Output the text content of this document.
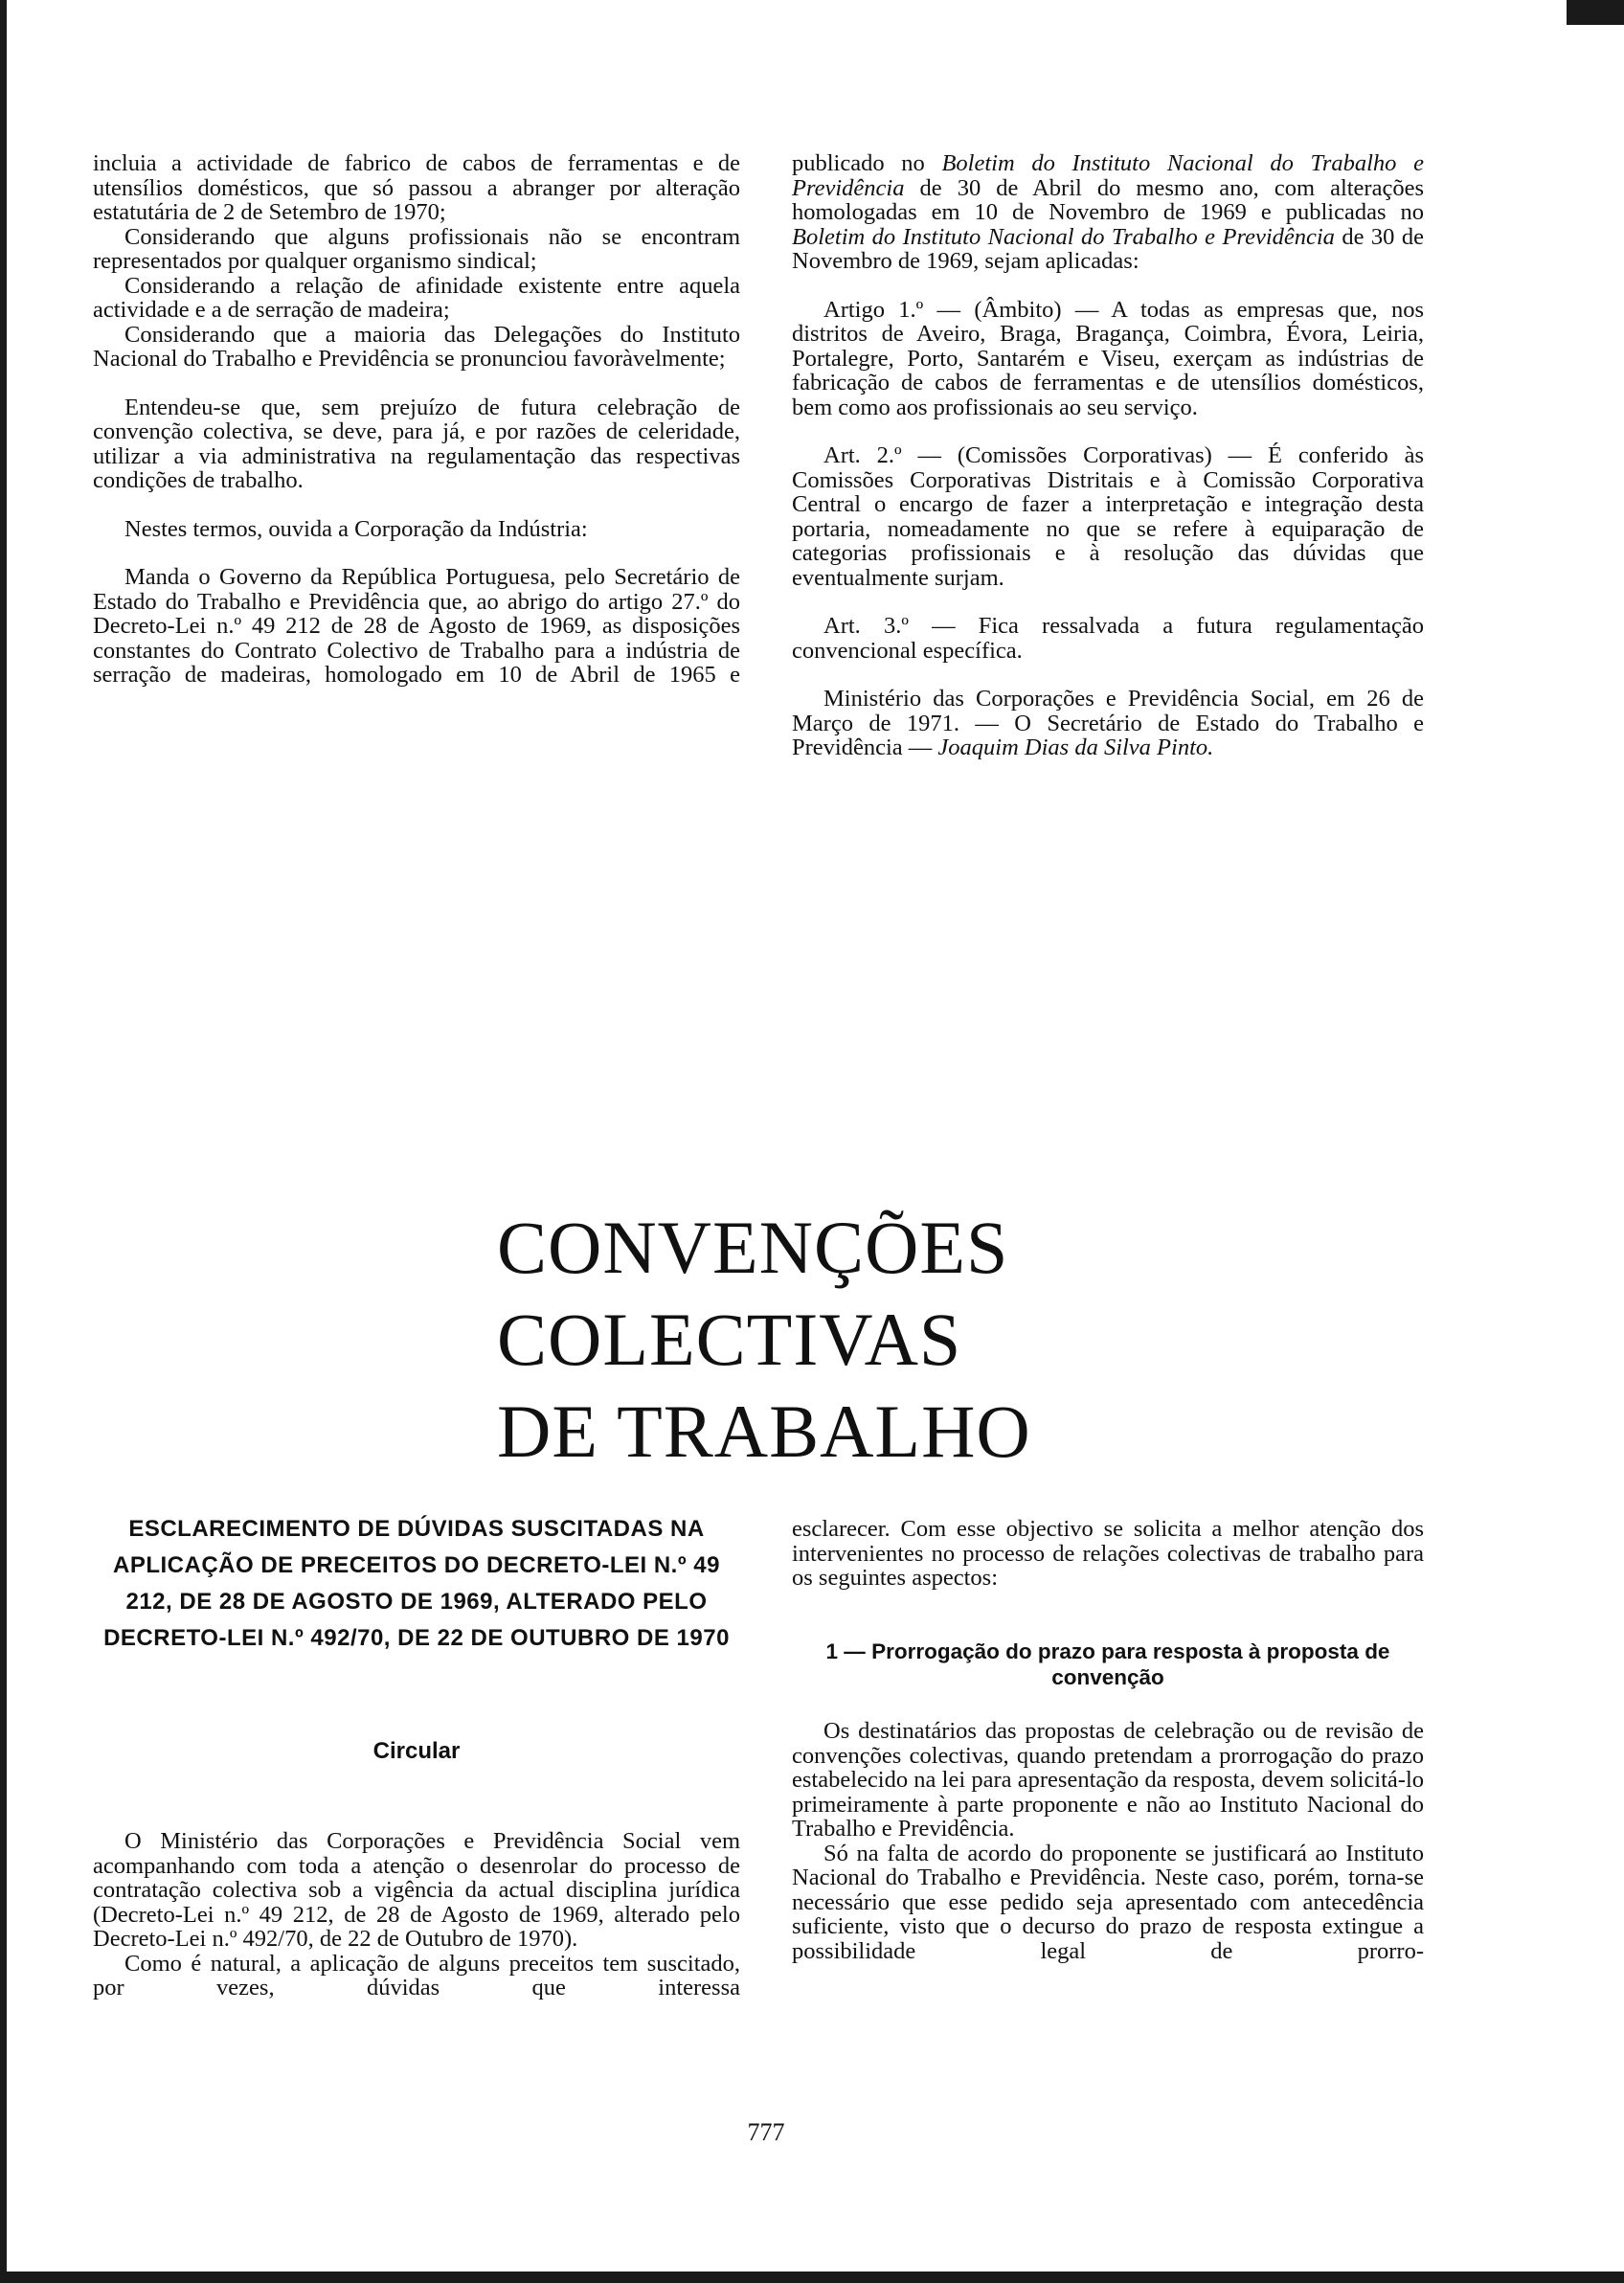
incluia a actividade de fabrico de cabos de ferramentas e de utensílios domésticos, que só passou a abranger por alteração estatutária de 2 de Setembro de 1970;

Considerando que alguns profissionais não se encontram representados por qualquer organismo sindical;

Considerando a relação de afinidade existente entre aquela actividade e a de serração de madeira;

Considerando que a maioria das Delegações do Instituto Nacional do Trabalho e Previdência se pronunciou favoràvelmente;

Entendeu-se que, sem prejuízo de futura celebração de convenção colectiva, se deve, para já, e por razões de celeridade, utilizar a via administrativa na regulamentação das respectivas condições de trabalho.

Nestes termos, ouvida a Corporação da Indústria:

Manda o Governo da República Portuguesa, pelo Secretário de Estado do Trabalho e Previdência que, ao abrigo do artigo 27.º do Decreto-Lei n.º 49 212 de 28 de Agosto de 1969, as disposições constantes do Contrato Colectivo de Trabalho para a indústria de serração de madeiras, homologado em 10 de Abril de 1965 e

publicado no Boletim do Instituto Nacional do Trabalho e Previdência de 30 de Abril do mesmo ano, com alterações homologadas em 10 de Novembro de 1969 e publicadas no Boletim do Instituto Nacional do Trabalho e Previdência de 30 de Novembro de 1969, sejam aplicadas:

Artigo 1.º — (Âmbito) — A todas as empresas que, nos distritos de Aveiro, Braga, Bragança, Coimbra, Évora, Leiria, Portalegre, Porto, Santarém e Viseu, exerçam as indústrias de fabricação de cabos de ferramentas e de utensílios domésticos, bem como aos profissionais ao seu serviço.

Art. 2.º — (Comissões Corporativas) — É conferido às Comissões Corporativas Distritais e à Comissão Corporativa Central o encargo de fazer a interpretação e integração desta portaria, nomeadamente no que se refere à equiparação de categorias profissionais e à resolução das dúvidas que eventualmente surjam.

Art. 3.º — Fica ressalvada a futura regulamentação convencional específica.

Ministério das Corporações e Previdência Social, em 26 de Março de 1971. — O Secretário de Estado do Trabalho e Previdência — Joaquim Dias da Silva Pinto.

CONVENÇÕES COLECTIVAS
DE TRABALHO
ESCLARECIMENTO DE DÚVIDAS SUSCITADAS NA APLICAÇÃO DE PRECEITOS DO DECRETO-LEI N.º 49 212, DE 28 DE AGOSTO DE 1969, ALTERADO PELO DECRETO-LEI N.º 492/70, DE 22 DE OUTUBRO DE 1970
Circular

O Ministério das Corporações e Previdência Social vem acompanhando com toda a atenção o desenrolar do processo de contratação colectiva sob a vigência da actual disciplina jurídica (Decreto-Lei n.º 49 212, de 28 de Agosto de 1969, alterado pelo Decreto-Lei n.º 492/70, de 22 de Outubro de 1970).

Como é natural, a aplicação de alguns preceitos tem suscitado, por vezes, dúvidas que interessa

esclarecer. Com esse objectivo se solicita a melhor atenção dos intervenientes no processo de relações colectivas de trabalho para os seguintes aspectos:

1 — Prorrogação do prazo para resposta à proposta de convenção

Os destinatários das propostas de celebração ou de revisão de convenções colectivas, quando pretendam a prorrogação do prazo estabelecido na lei para apresentação da resposta, devem solicitá-lo primeiramente à parte proponente e não ao Instituto Nacional do Trabalho e Previdência.

Só na falta de acordo do proponente se justificará ao Instituto Nacional do Trabalho e Previdência. Neste caso, porém, torna-se necessário que esse pedido seja apresentado com antecedência suficiente, visto que o decurso do prazo de resposta extingue a possibilidade legal de prorro-

777
